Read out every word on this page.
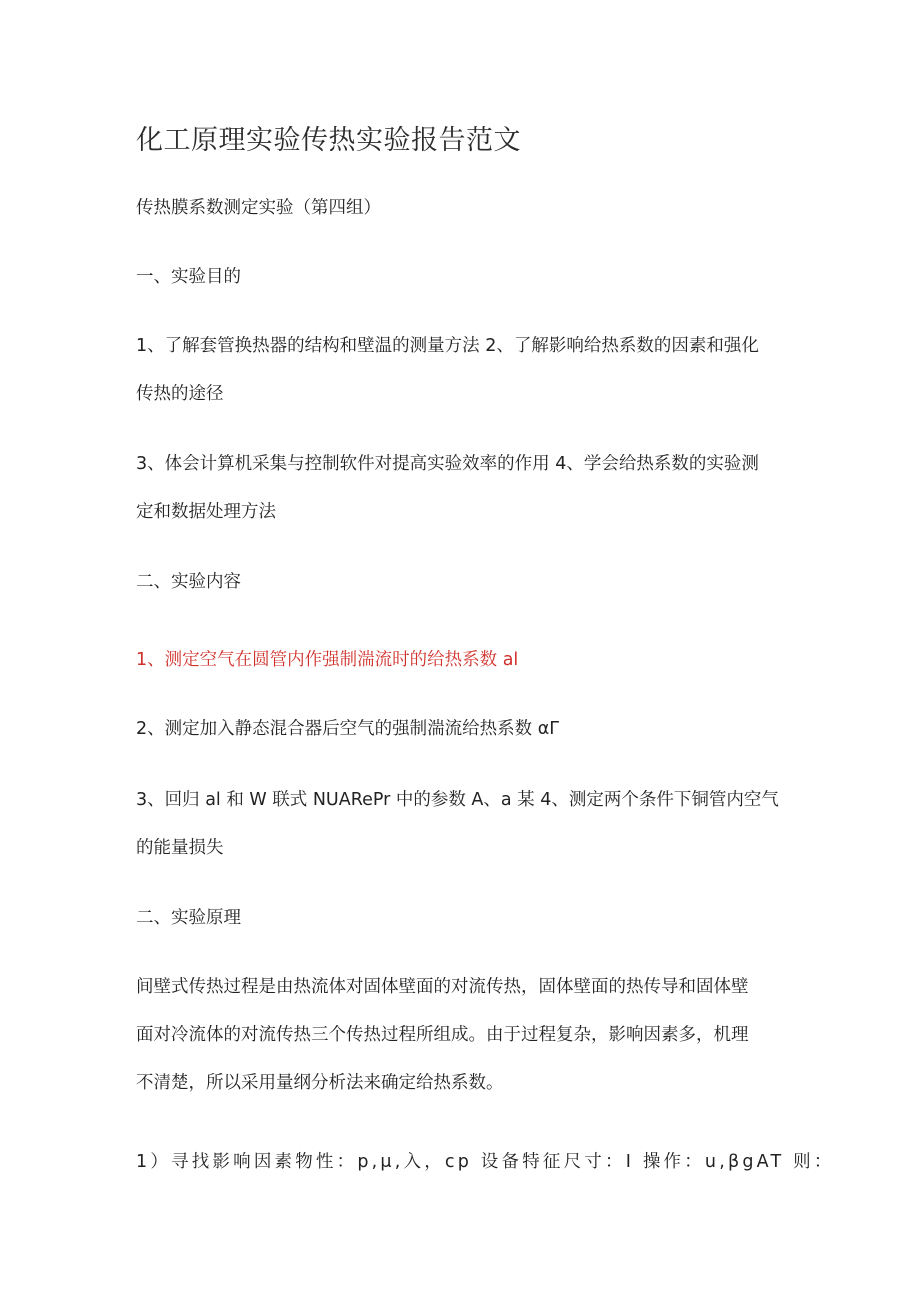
化工原理实验传热实验报告范文
传热膜系数测定实验（第四组）
一、实验目的
1、了解套管换热器的结构和壁温的测量方法 2、了解影响给热系数的因素和强化
传热的途径
3、体会计算机采集与控制软件对提高实验效率的作用 4、学会给热系数的实验测
定和数据处理方法
二、实验内容
1、测定空气在圆管内作强制湍流时的给热系数 al
2、测定加入静态混合器后空气的强制湍流给热系数 αΓ
3、回归 al 和 W 联式 NUARePr 中的参数 A、a 某 4、测定两个条件下铜管内空气
的能量损失
二、实验原理
间壁式传热过程是由热流体对固体壁面的对流传热，固体壁面的热传导和固体壁
面对冷流体的对流传热三个传热过程所组成。由于过程复杂，影响因素多，机理
不清楚，所以采用量纲分析法来确定给热系数。
1）寻找影响因素物性：p,μ,入，cp 设备特征尺寸：I 操作：u,βgAT 则：
